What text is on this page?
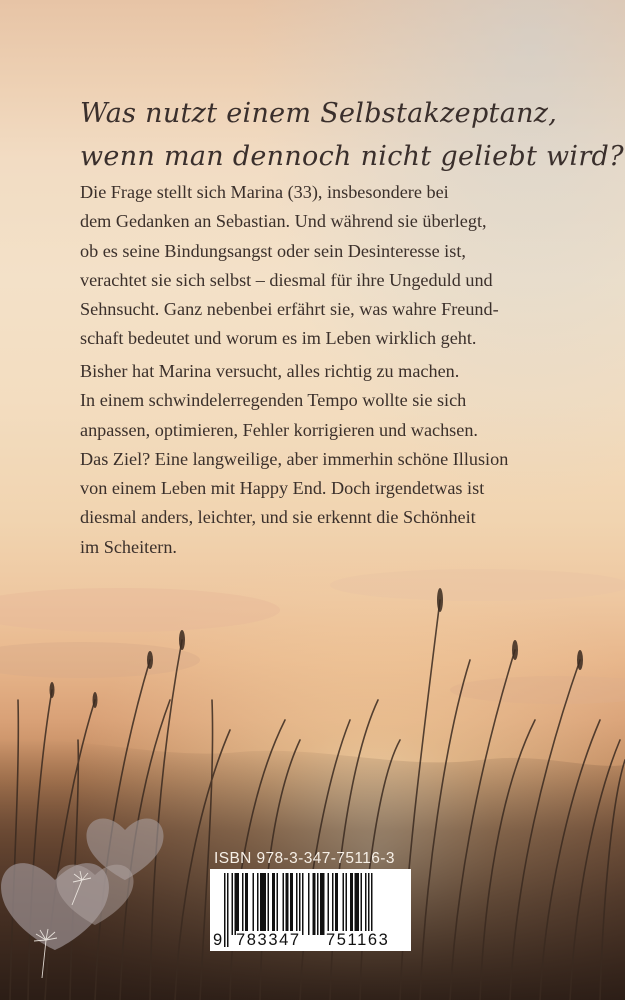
Was nutzt einem Selbstakzeptanz,
wenn man dennoch nicht geliebt wird?
Die Frage stellt sich Marina (33), insbesondere bei
dem Gedanken an Sebastian. Und während sie überlegt,
ob es seine Bindungsangst oder sein Desinteresse ist,
verachtet sie sich selbst – diesmal für ihre Ungeduld und
Sehnsucht. Ganz nebenbei erfährt sie, was wahre Freund-
schaft bedeutet und worum es im Leben wirklich geht.
Bisher hat Marina versucht, alles richtig zu machen.
In einem schwindelerregenden Tempo wollte sie sich
anpassen, optimieren, Fehler korrigieren und wachsen.
Das Ziel? Eine langweilige, aber immerhin schöne Illusion
von einem Leben mit Happy End. Doch irgendetwas ist
diesmal anders, leichter, und sie erkennt die Schönheit
im Scheitern.
ISBN 978-3-347-75116-3
9 783347 751163
